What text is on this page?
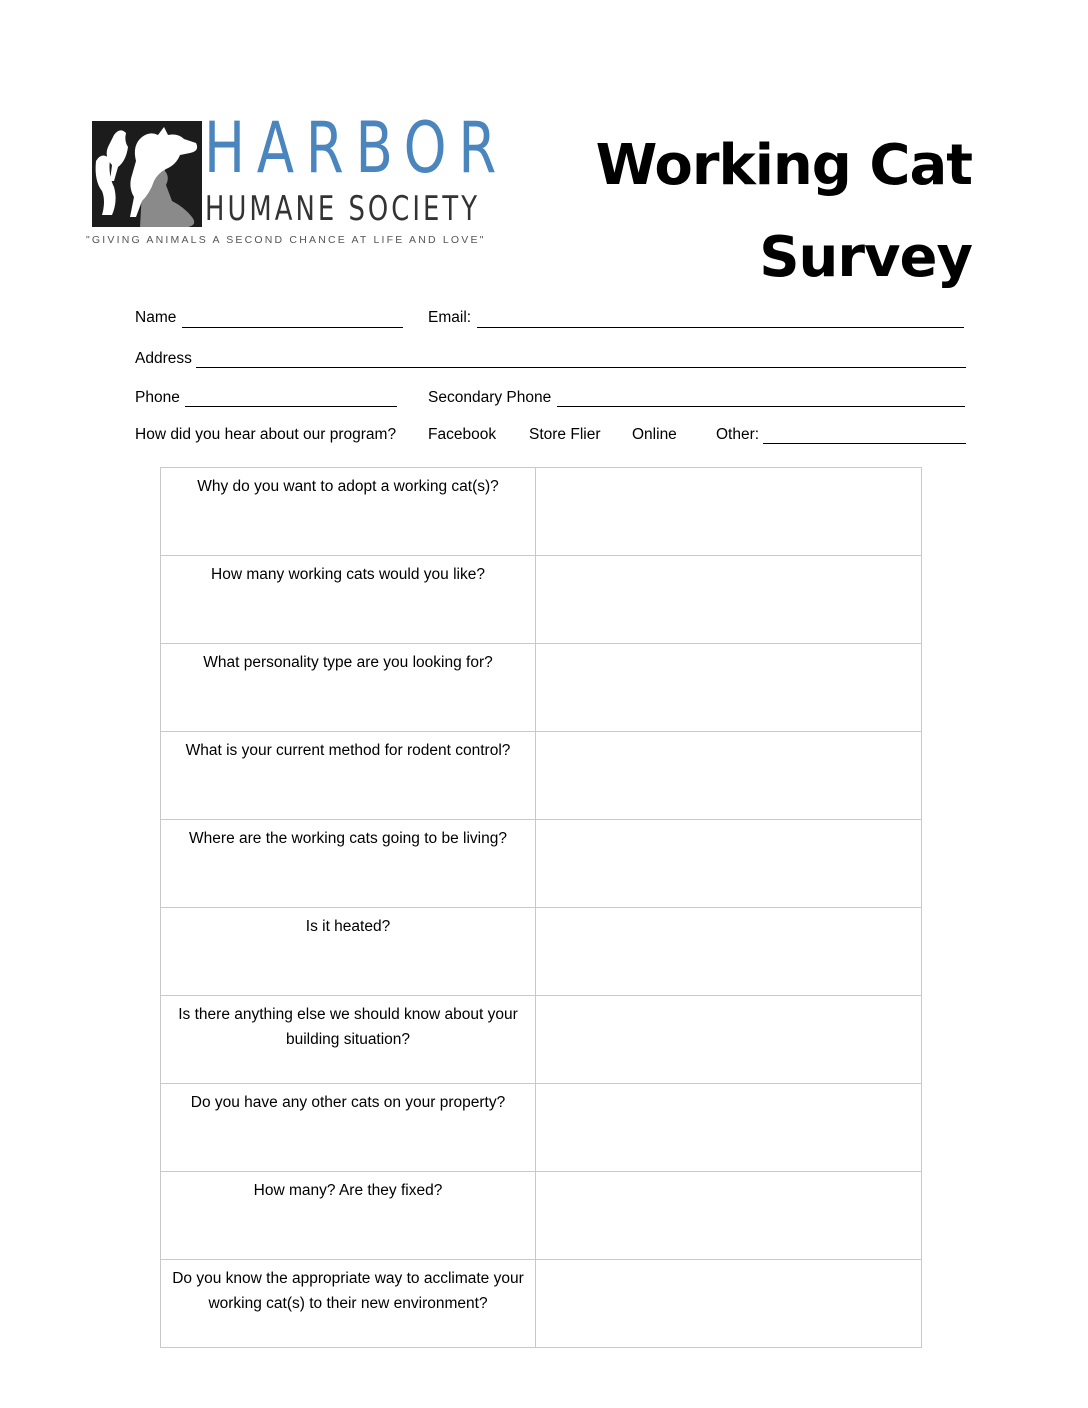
HARBOR
HUMANE SOCIETY
"GIVING ANIMALS A SECOND CHANCE AT LIFE AND LOVE"
Working Cat
Survey
Name	Email:
Address
Phone	Secondary Phone
How did you hear about our program? Facebook Store Flier Online	Other:
Why do you want to adopt a working cat(s)?	
How many working cats would you like?	
What personality type are you looking for?	
What is your current method for rodent control?	
Where are the working cats going to be living?	
Is it heated?	
Is there anything else we should know about your building situation?	
Do you have any other cats on your property?	
How many? Are they fixed?	
Do you know the appropriate way to acclimate your working cat(s) to their new environment?	
